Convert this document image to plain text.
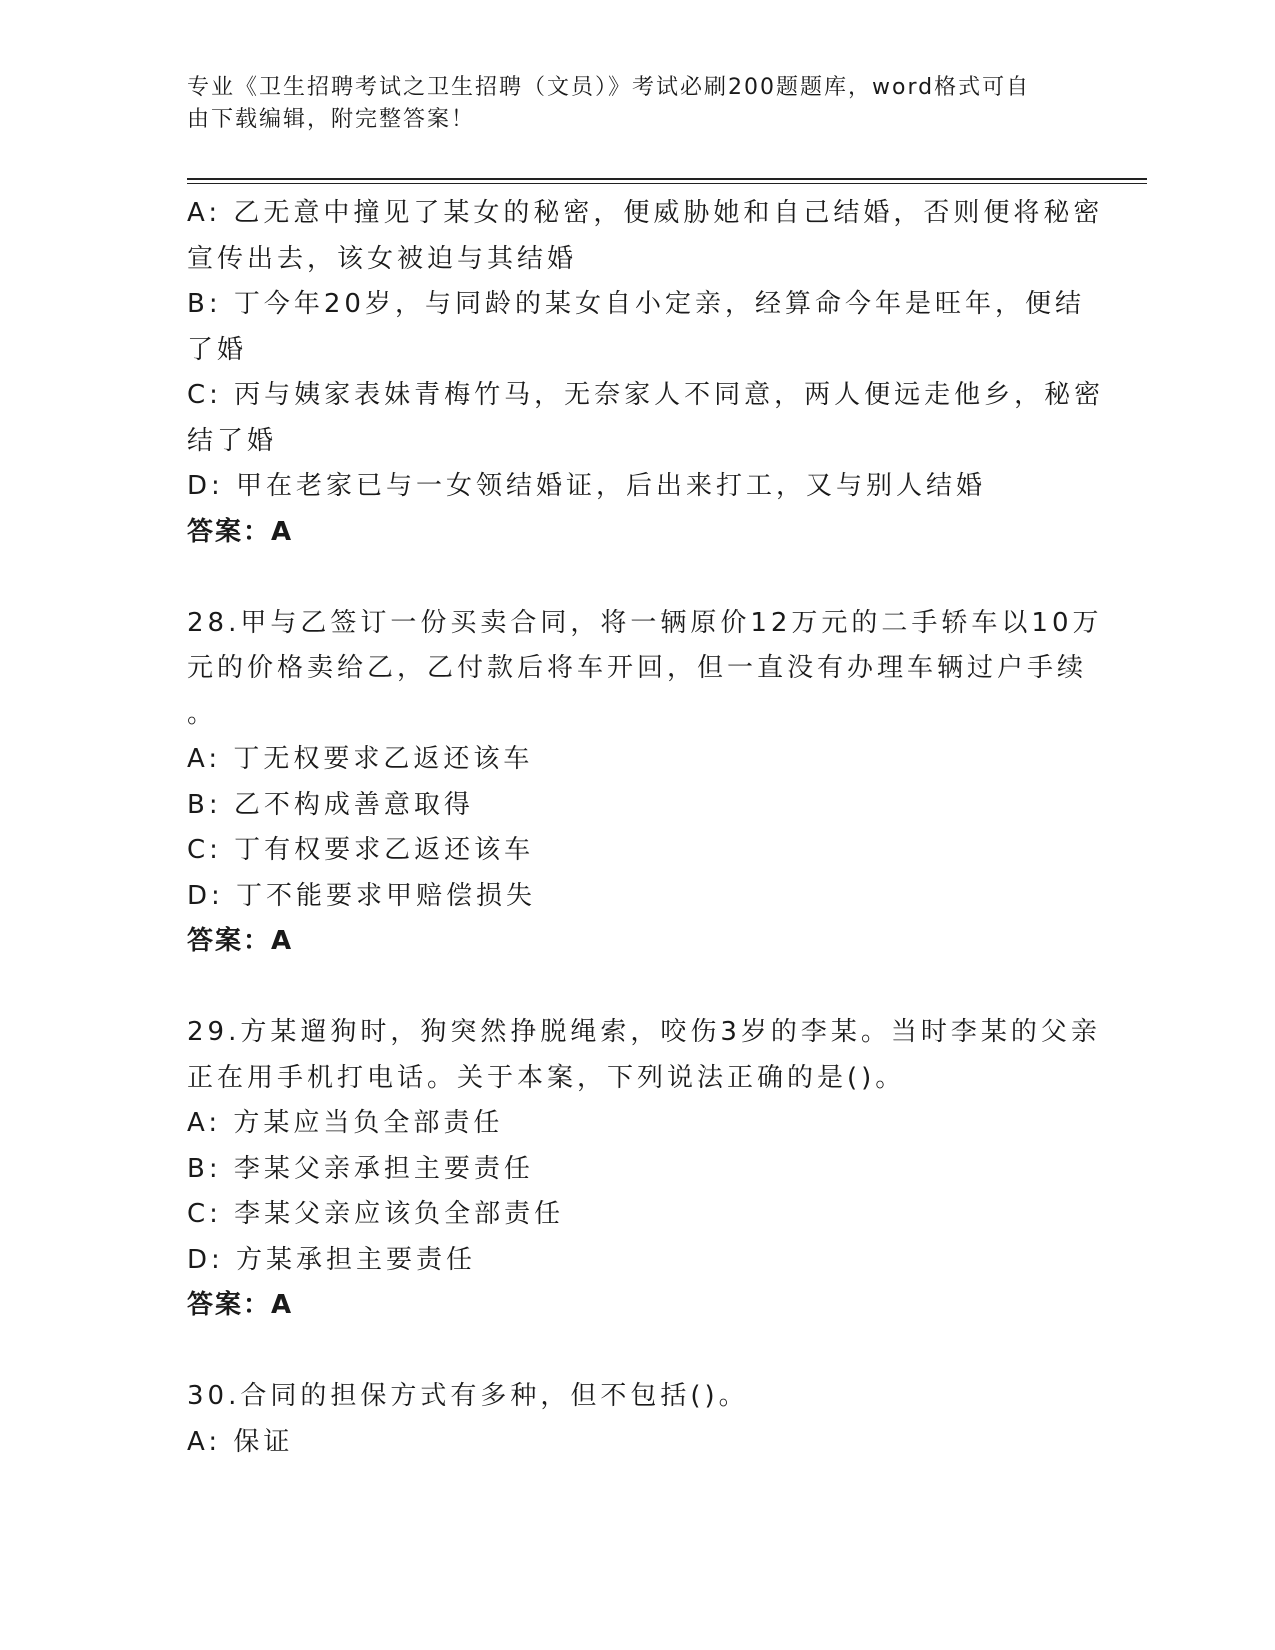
专业《卫生招聘考试之卫生招聘（文员）》考试必刷200题题库，word格式可自
由下载编辑，附完整答案！
A: 乙无意中撞见了某女的秘密，便威胁她和自己结婚，否则便将秘密
宣传出去，该女被迫与其结婚
B: 丁今年20岁，与同龄的某女自小定亲，经算命今年是旺年，便结
了婚
C: 丙与姨家表妹青梅竹马，无奈家人不同意，两人便远走他乡，秘密
结了婚
D: 甲在老家已与一女领结婚证，后出来打工，又与别人结婚
答案：A
28.甲与乙签订一份买卖合同，将一辆原价12万元的二手轿车以10万
元的价格卖给乙，乙付款后将车开回，但一直没有办理车辆过户手续
。
A: 丁无权要求乙返还该车
B: 乙不构成善意取得
C: 丁有权要求乙返还该车
D: 丁不能要求甲赔偿损失
答案：A
29.方某遛狗时，狗突然挣脱绳索，咬伤3岁的李某。当时李某的父亲
正在用手机打电话。关于本案，下列说法正确的是()。
A: 方某应当负全部责任
B: 李某父亲承担主要责任
C: 李某父亲应该负全部责任
D: 方某承担主要责任
答案：A
30.合同的担保方式有多种，但不包括()。
A: 保证
